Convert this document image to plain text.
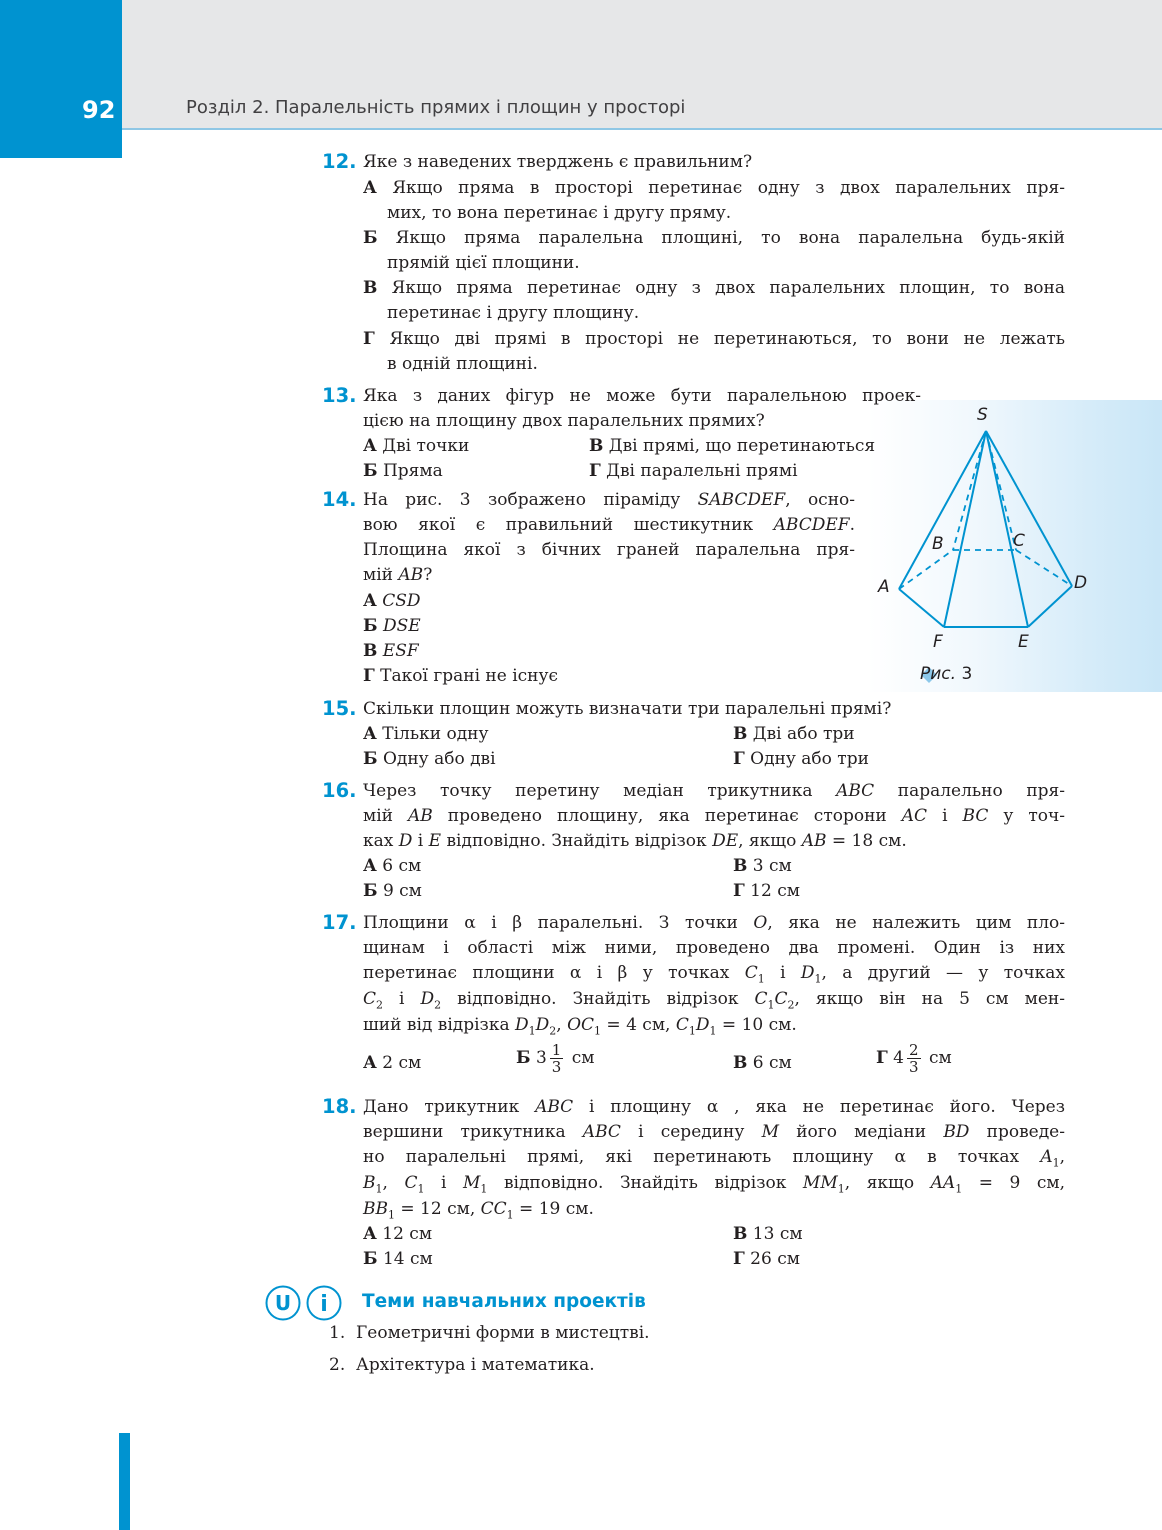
92	Розділ 2. Паралельність прямих і площин у просторі
12. Яке з наведених тверджень є правильним?
А Якщо пряма в просторі перетинає одну з двох паралельних пря-
мих, то вона перетинає і другу пряму.
Б Якщо пряма паралельна площині, то вона паралельна будь-якій
прямій цієї площини.
В Якщо пряма перетинає одну з двох паралельних площин, то вона
перетинає і другу площину.
Г Якщо дві прямі в просторі не перетинаються, то вони не лежать
в одній площині.
13. Яка з даних фігур не може бути паралельною проек-
цією на площину двох паралельних прямих?
А Дві точки
Б Пряма
В Дві прямі, що перетинаються
Г Дві паралельні прямі
14. На рис. 3 зображено піраміду SABCDEF, осно-
вою якої є правильний шестикутник ABCDEF.
Площина якої з бічних граней паралельна пря-
мій AB?
А CSD
Б DSE
В ESF
Г Такої грані не існує
S
B	C
A	D
F	E
Рис. 3
15. Скільки площин можуть визначати три паралельні прямі?
А Тільки одну
Б Одну або дві
В Дві або три
Г Одну або три
16. Через точку перетину медіан трикутника ABC паралельно пря-
мій AB проведено площину, яка перетинає сторони AC і BC у точ-
ках D і E відповідно. Знайдіть відрізок DE, якщо AB = 18 см.
А 6 см
Б 9 см
В 3 см
Г 12 см
17. Площини α і β паралельні. З точки O, яка не належить цим пло-
щинам і області між ними, проведено два промені. Один із них
перетинає площини α і β у точках $C_1$ і $D_1$, а другий — у точках
$C_2$ і $D_2$ відповідно. Знайдіть відрізок $C_1C_2$, якщо він на 5 см мен-
ший від відрізка $D_1D_2$, $OC_1 = 4$ см, $C_1D_1 = 10$ см.
А 2 см	Б $3 \frac{1}{3}$ см	В 6 см	Г $4 \frac{2}{3}$ см
18. Дано трикутник ABC і площину α , яка не перетинає його. Через
вершини трикутника ABC і середину M його медіани BD проведе-
но паралельні прямі, які перетинають площину α в точках $A_1$,
$B_1$, $C_1$ і $M_1$ відповідно. Знайдіть відрізок $MM_1$, якщо $AA_1 = 9$ см,
$BB_1 = 12$ см, $CC_1 = 19$ см.
А 12 см
Б 14 см
В 13 см
Г 26 см
U i Теми навчальних проектів
1. Геометричні форми в мистецтві.
2. Архітектура і математика.
